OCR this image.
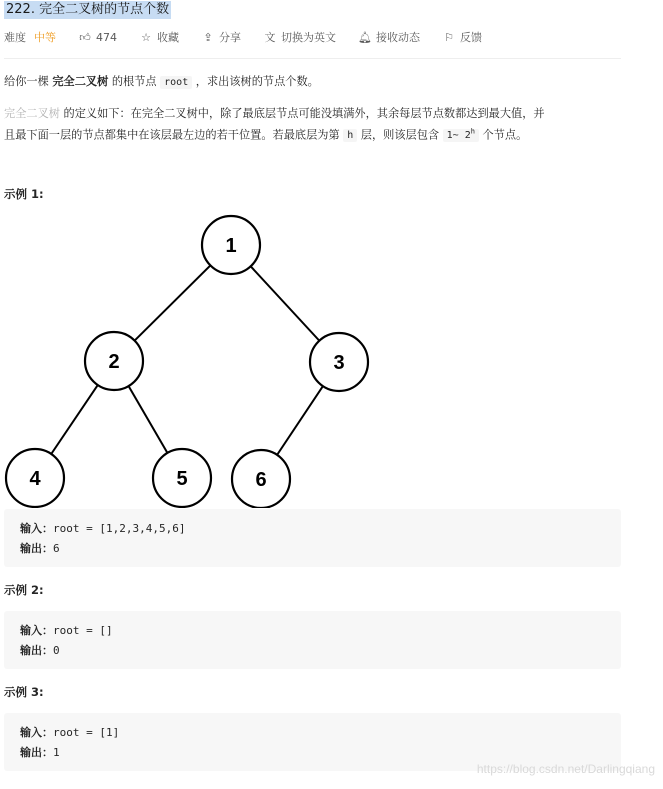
222. 完全二叉树的节点个数
难度 中等 👍︎ 474 ☆ 收藏 ⇪ 分享 文 切换为英文 🔔︎ 接收动态 ⚐ 反馈
给你一棵 完全二叉树 的根节点 root ，求出该树的节点个数。
完全二叉树 的定义如下：在完全二叉树中，除了最底层节点可能没填满外，其余每层节点数都达到最大值，并
且最下面一层的节点都集中在该层最左边的若干位置。若最底层为第 h 层，则该层包含 1~ 2$^h$ 个节点。
示例 1:
1
2	3
4	5	6
输入：root = [1,2,3,4,5,6]
输出：6
示例 2:
输入：root = []
输出：0
示例 3:
输入：root = [1]
输出：1
https://blog.csdn.net/Darlingqiang
